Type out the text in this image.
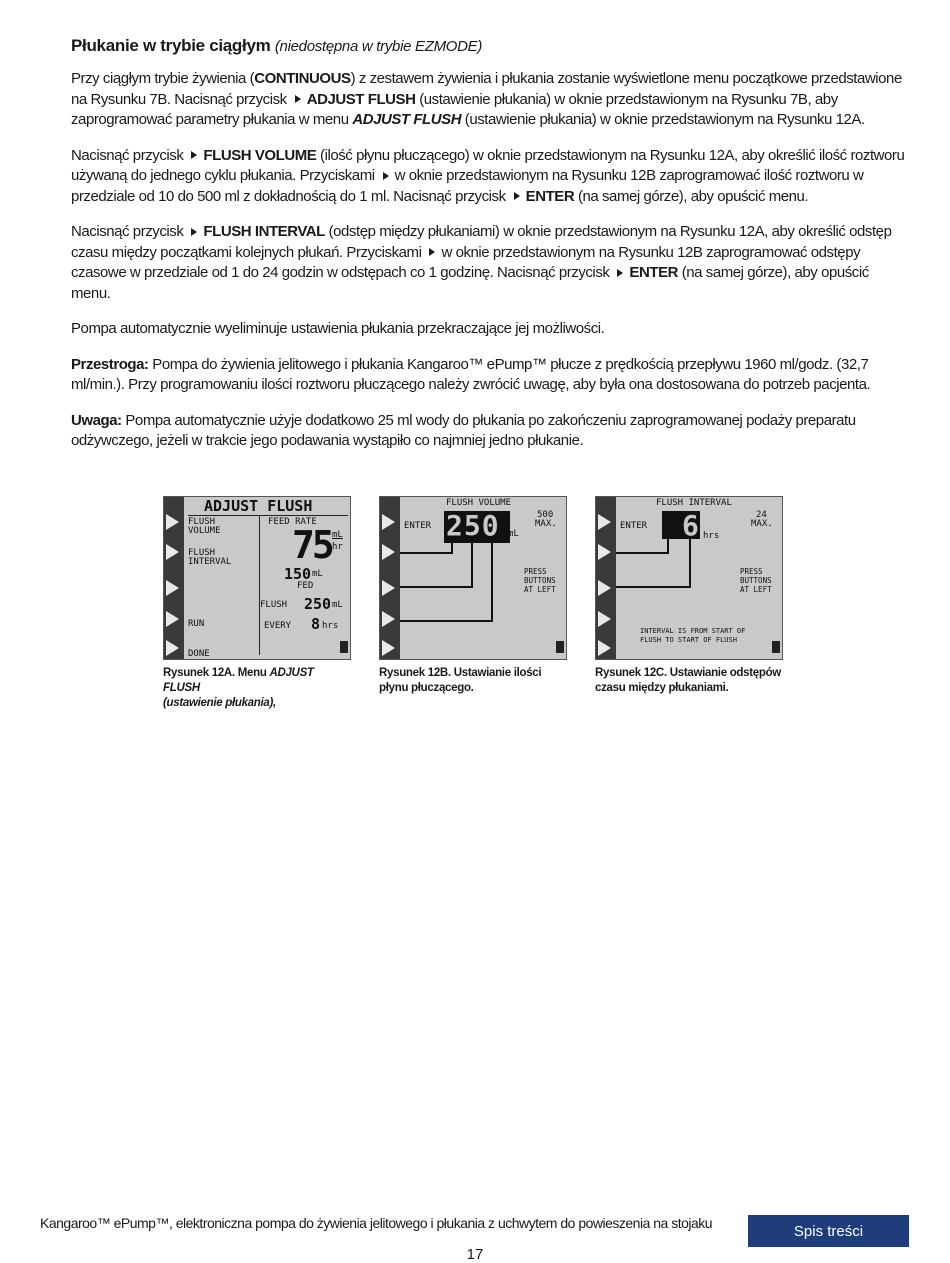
Płukanie w trybie ciągłym (niedostępna w trybie EZMODE)

Przy ciągłym trybie żywienia (CONTINUOUS) z zestawem żywienia i płukania zostanie wyświetlone menu początkowe przedstawione na Rysunku 7B. Nacisnąć przycisk ADJUST FLUSH (ustawienie płukania) w oknie przedstawionym na Rysunku 7B, aby zaprogramować parametry płukania w menu ADJUST FLUSH (ustawienie płukania) w oknie przedstawionym na Rysunku 12A.

Nacisnąć przycisk FLUSH VOLUME (ilość płynu płuczącego) w oknie przedstawionym na Rysunku 12A, aby określić ilość roztworu używaną do jednego cyklu płukania. Przyciskami w oknie przedstawionym na Rysunku 12B zaprogramować ilość roztworu w przedziale od 10 do 500 ml z dokładnością do 1 ml. Nacisnąć przycisk ENTER (na samej górze), aby opuścić menu.

Nacisnąć przycisk FLUSH INTERVAL (odstęp między płukaniami) w oknie przedstawionym na Rysunku 12A, aby określić odstęp czasu między początkami kolejnych płukań. Przyciskami w oknie przedstawionym na Rysunku 12B zaprogramować odstępy czasowe w przedziale od 1 do 24 godzin w odstępach co 1 godzinę. Nacisnąć przycisk ENTER (na samej górze), aby opuścić menu.

Pompa automatycznie wyeliminuje ustawienia płukania przekraczające jej możliwości.

Przestroga: Pompa do żywienia jelitowego i płukania Kangaroo™ ePump™ płucze z prędkością przepływu 1960 ml/godz. (32,7 ml/min.). Przy programowaniu ilości roztworu płuczącego należy zwrócić uwagę, aby była ona dostosowana do potrzeb pacjenta.

Uwaga: Pompa automatycznie użyje dodatkowo 25 ml wody do płukania po zakończeniu zaprogramowanej podaży preparatu odżywczego, jeżeli w trakcie jego podawania wystąpiło co najmniej jedno płukanie.

ADJUST FLUSH
FLUSH
VOLUME
FLUSH
INTERVAL
FEED RATE
75 mL
hr
150 mL
FED
FLUSH 250 mL
EVERY 8 hrs
RUN
DONE
Rysunek 12A. Menu ADJUST FLUSH
(ustawienie płukania),
FLUSH VOLUME
ENTER 250 mL
500
MAX.
PRESS
BUTTONS
AT LEFT
Rysunek 12B. Ustawianie ilości
płynu płuczącego.
FLUSH INTERVAL
ENTER 6 hrs
24
MAX.
PRESS
BUTTONS
AT LEFT
INTERVAL IS FROM START OF
FLUSH TO START OF FLUSH
Rysunek 12C. Ustawianie odstępów
czasu między płukaniami.
Kangaroo™ ePump™, elektroniczna pompa do żywienia jelitowego i płukania z uchwytem do powieszenia na stojaku	Spis treści
17
